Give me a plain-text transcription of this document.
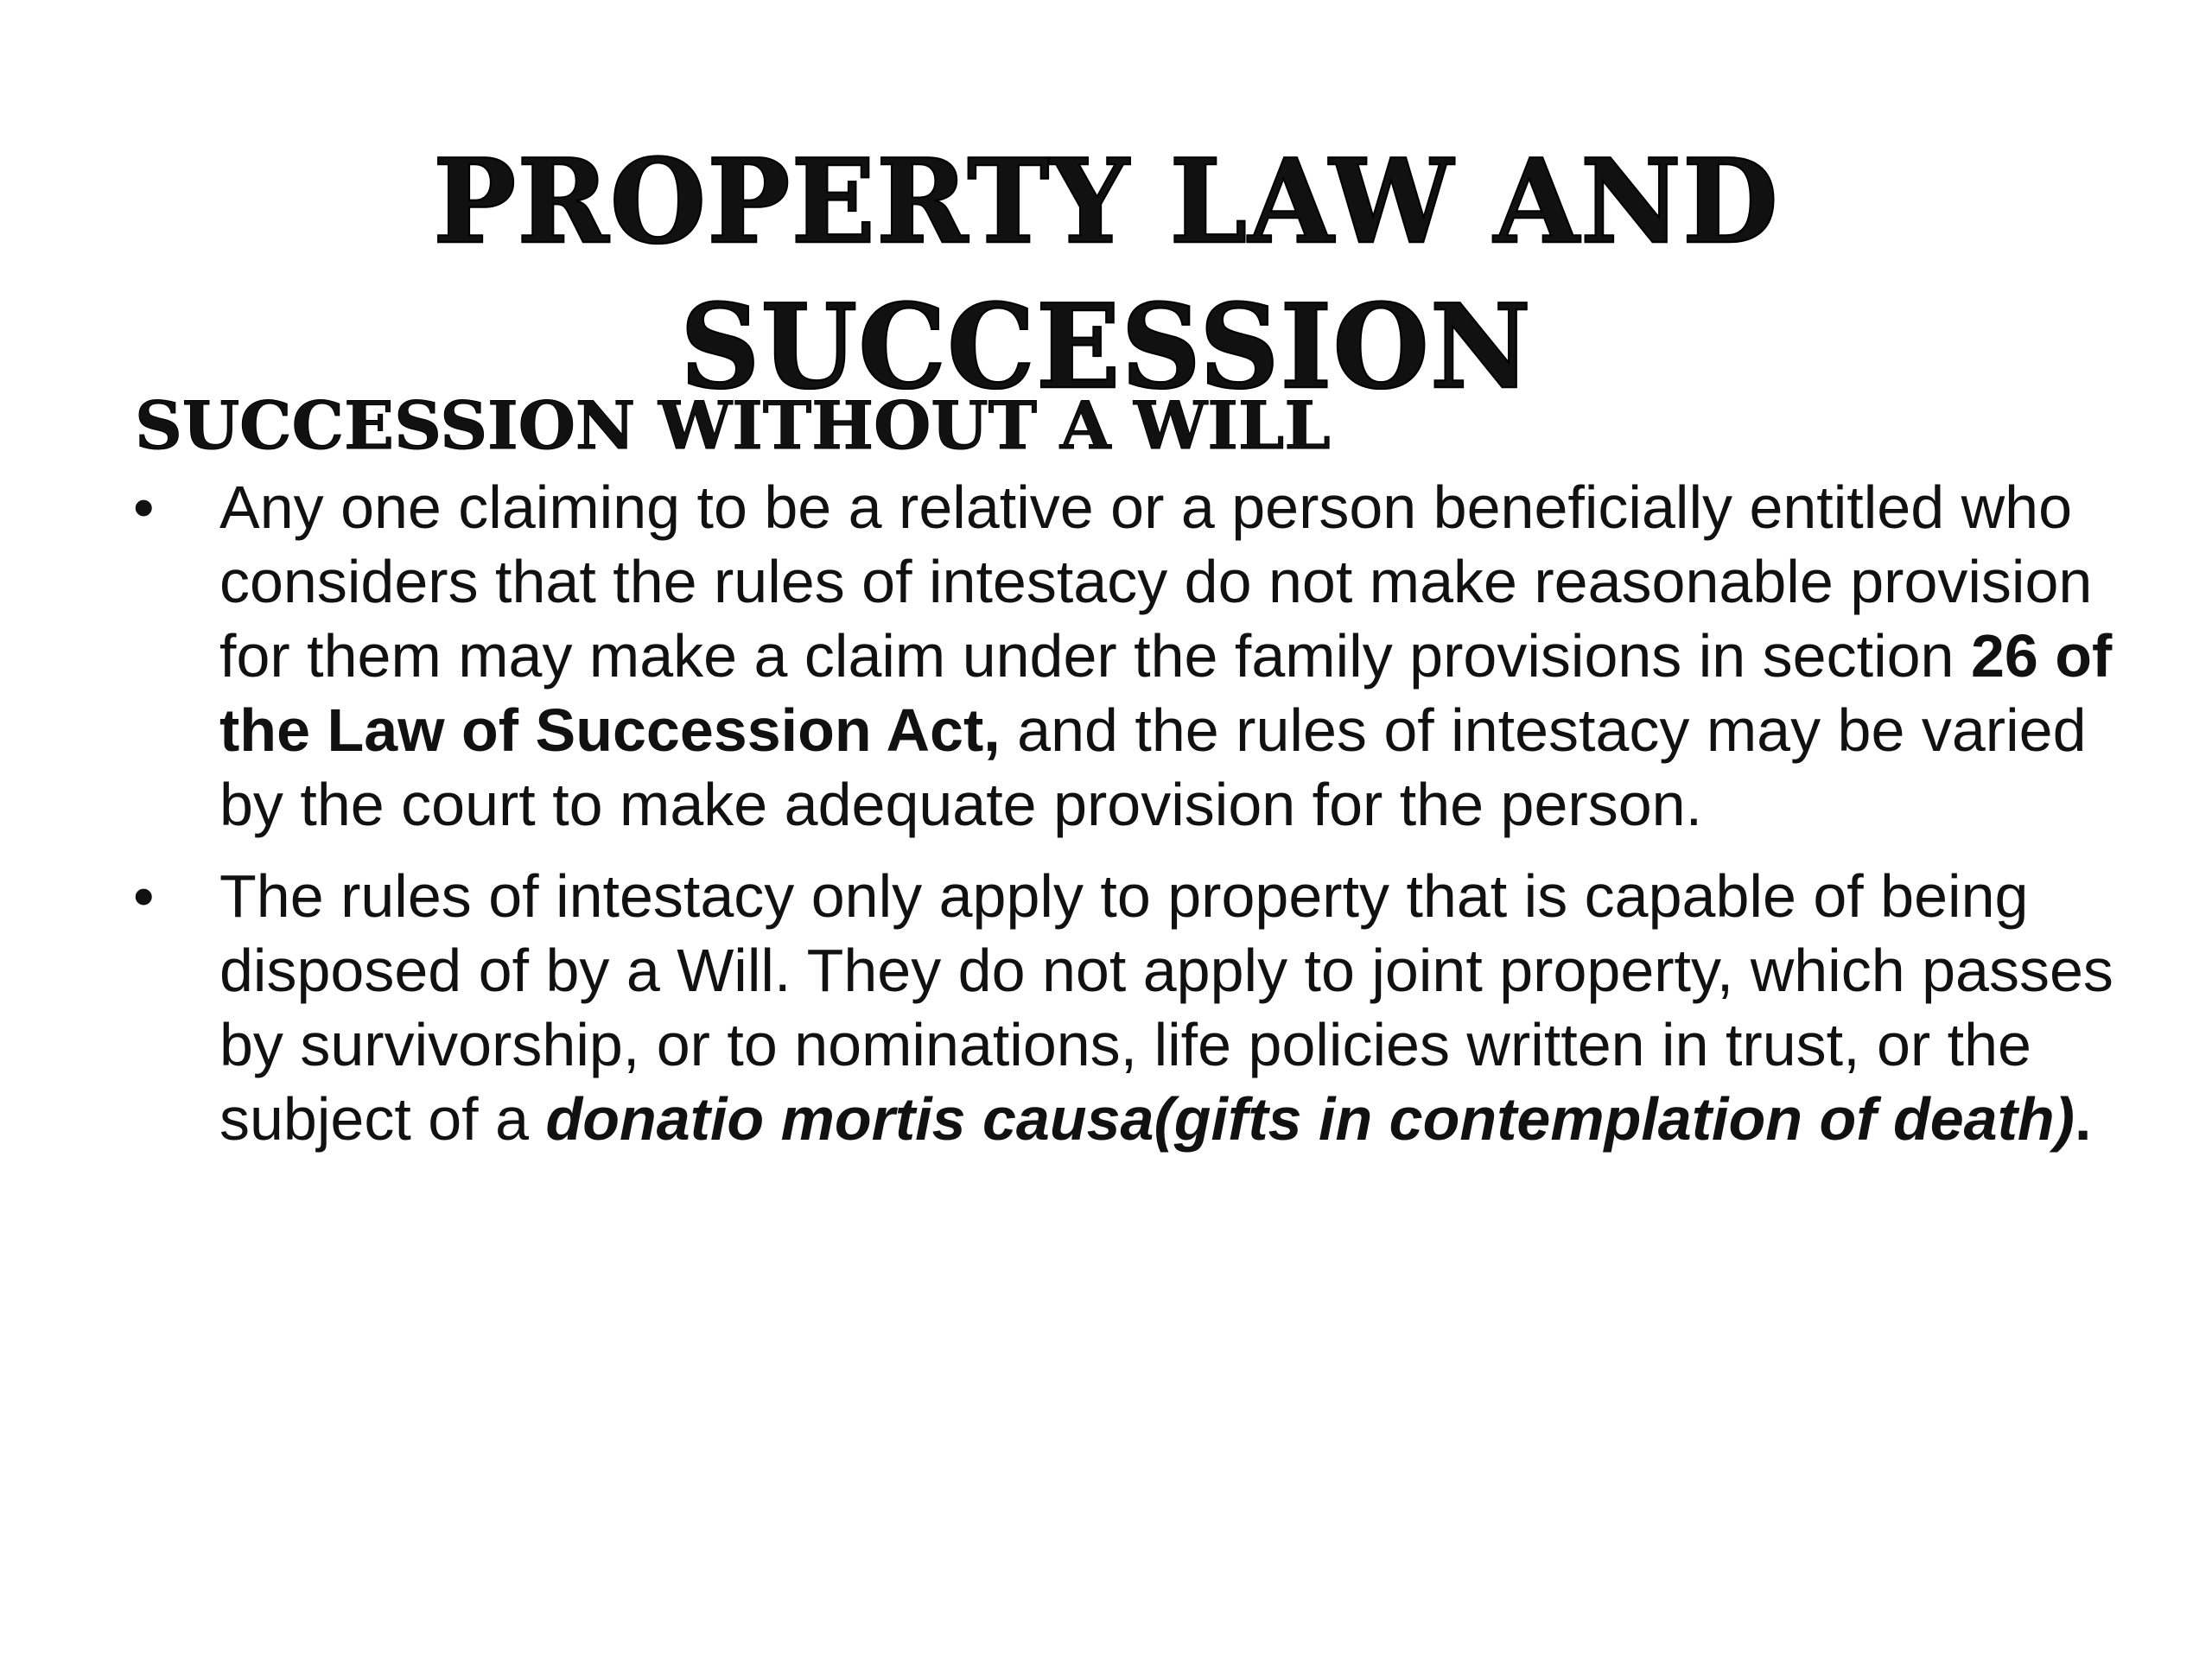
PROPERTY LAW AND SUCCESSION
SUCCESSION WITHOUT A WILL
• Any one claiming to be a relative or a person beneficially entitled who considers that the rules of intestacy do not make reasonable provision for them may make a claim under the family provisions in section 26 of the Law of Succession Act, and the rules of intestacy may be varied by the court to make adequate provision for the person.
• The rules of intestacy only apply to property that is capable of being disposed of by a Will. They do not apply to joint property, which passes by survivorship, or to nominations, life policies written in trust, or the subject of a donatio mortis causa(gifts in contemplation of death).
